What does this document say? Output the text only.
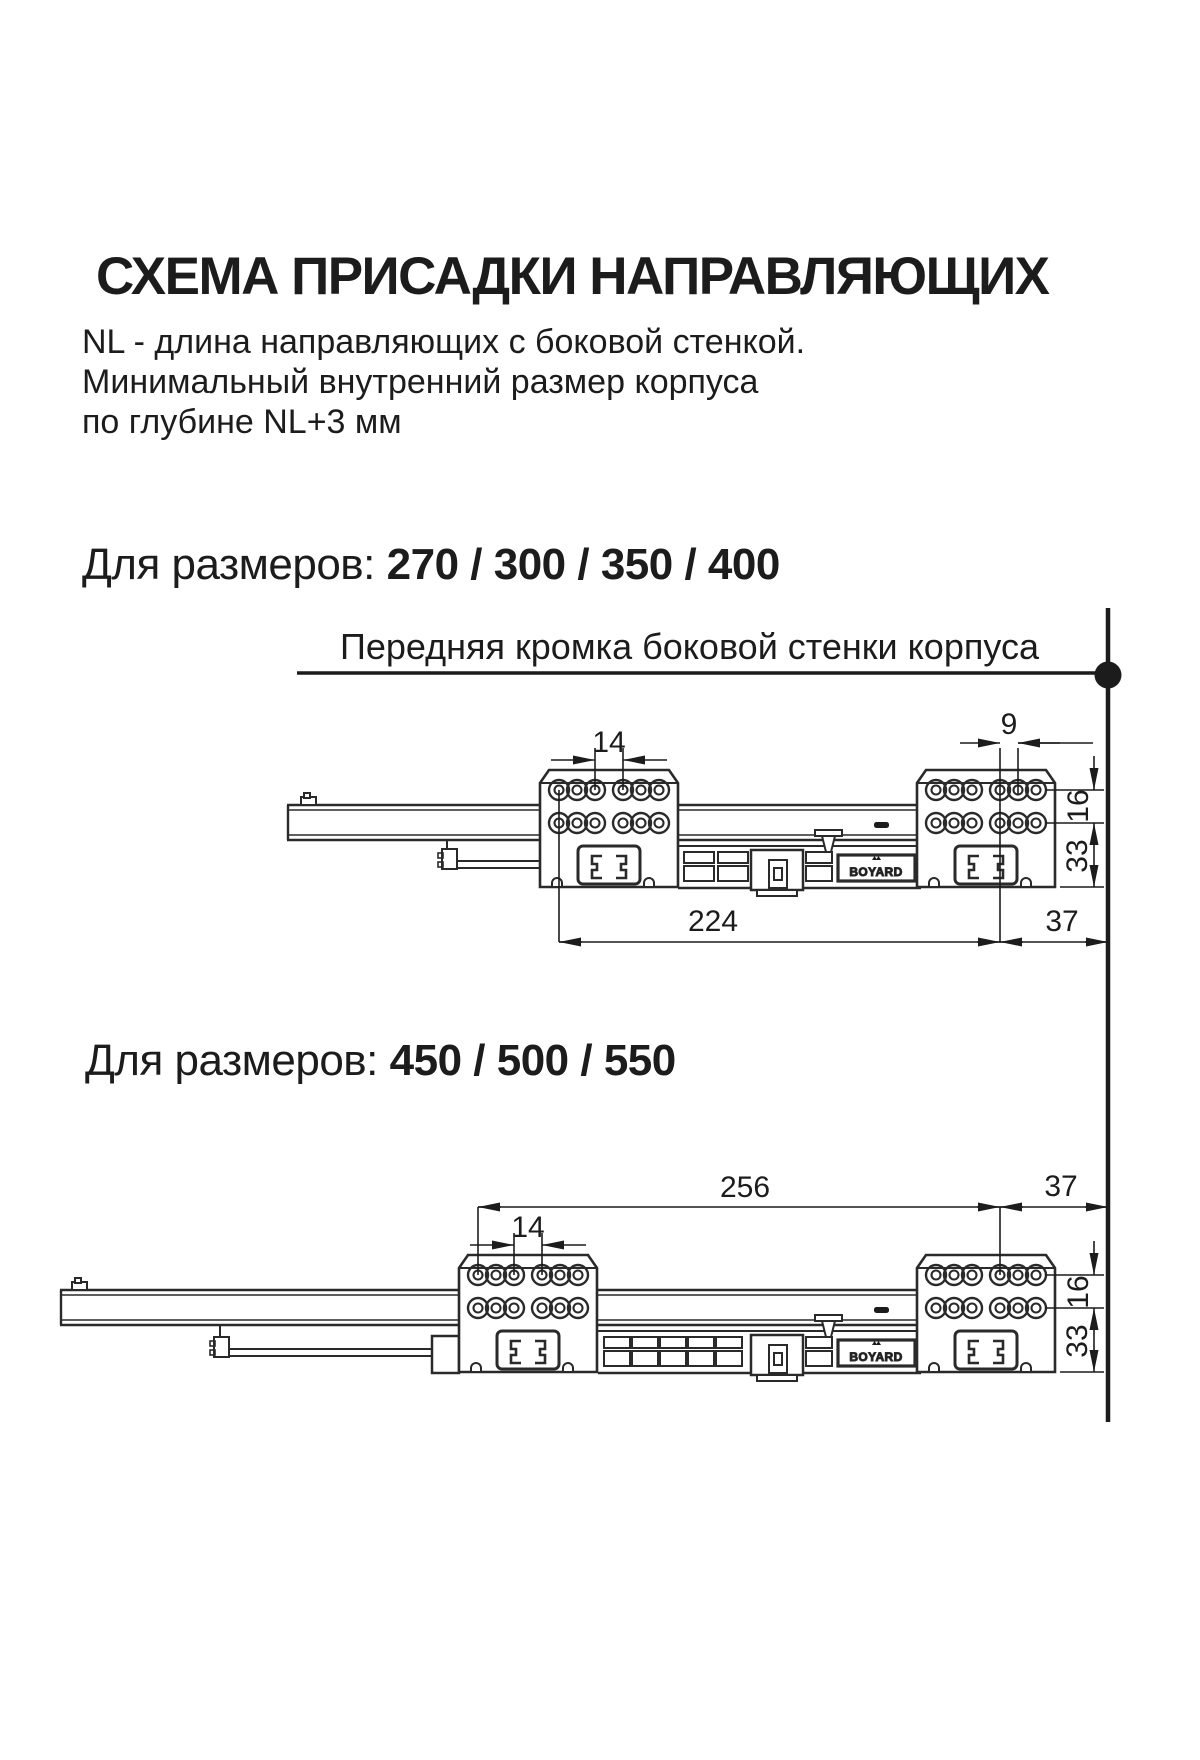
СХЕМА ПРИСАДКИ НАПРАВЛЯЮЩИХ
NL - длина направляющих с боковой стенкой.
Минимальный внутренний размер корпуса
по глубине NL+3 мм
Для размеров: 270 / 300 / 350 / 400
Передняя кромка боковой стенки корпуса
Для размеров: 450 / 500 / 550
BOYARD
14
9
16
33
224	37
BOYARD
256	37
14
16
33
